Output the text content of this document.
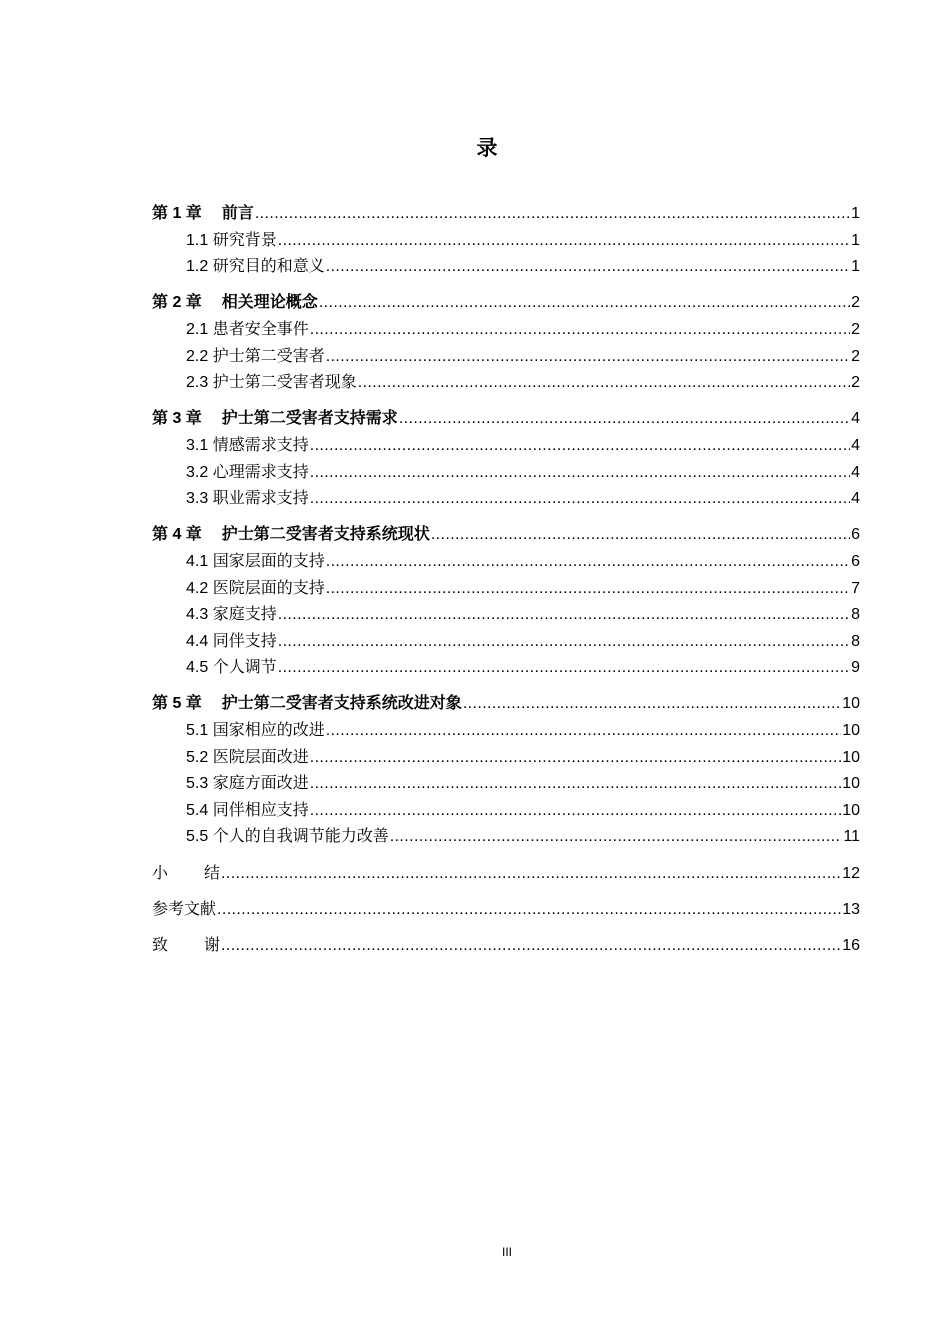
录
第 1 章 前言 .....	1
1.1 研究背景 .....	1
1.2 研究目的和意义 .....	1
第 2 章 相关理论概念 .....	2
2.1 患者安全事件 .....	2
2.2 护士第二受害者 .....	2
2.3 护士第二受害者现象 .....	2
第 3 章 护士第二受害者支持需求 .....	4
3.1 情感需求支持 .....	4
3.2 心理需求支持 .....	4
3.3 职业需求支持 .....	4
第 4 章 护士第二受害者支持系统现状 .....	6
4.1 国家层面的支持 .....	6
4.2 医院层面的支持 .....	7
4.3 家庭支持 .....	8
4.4 同伴支持 .....	8
4.5 个人调节 .....	9
第 5 章 护士第二受害者支持系统改进对象 .....	10
5.1 国家相应的改进 .....	10
5.2 医院层面改进 .....	10
5.3 家庭方面改进 .....	10
5.4 同伴相应支持 .....	10
5.5 个人的自我调节能力改善 .....	11
小 结 .....	12
参考文献 .....	13
致 谢 .....	16
III
